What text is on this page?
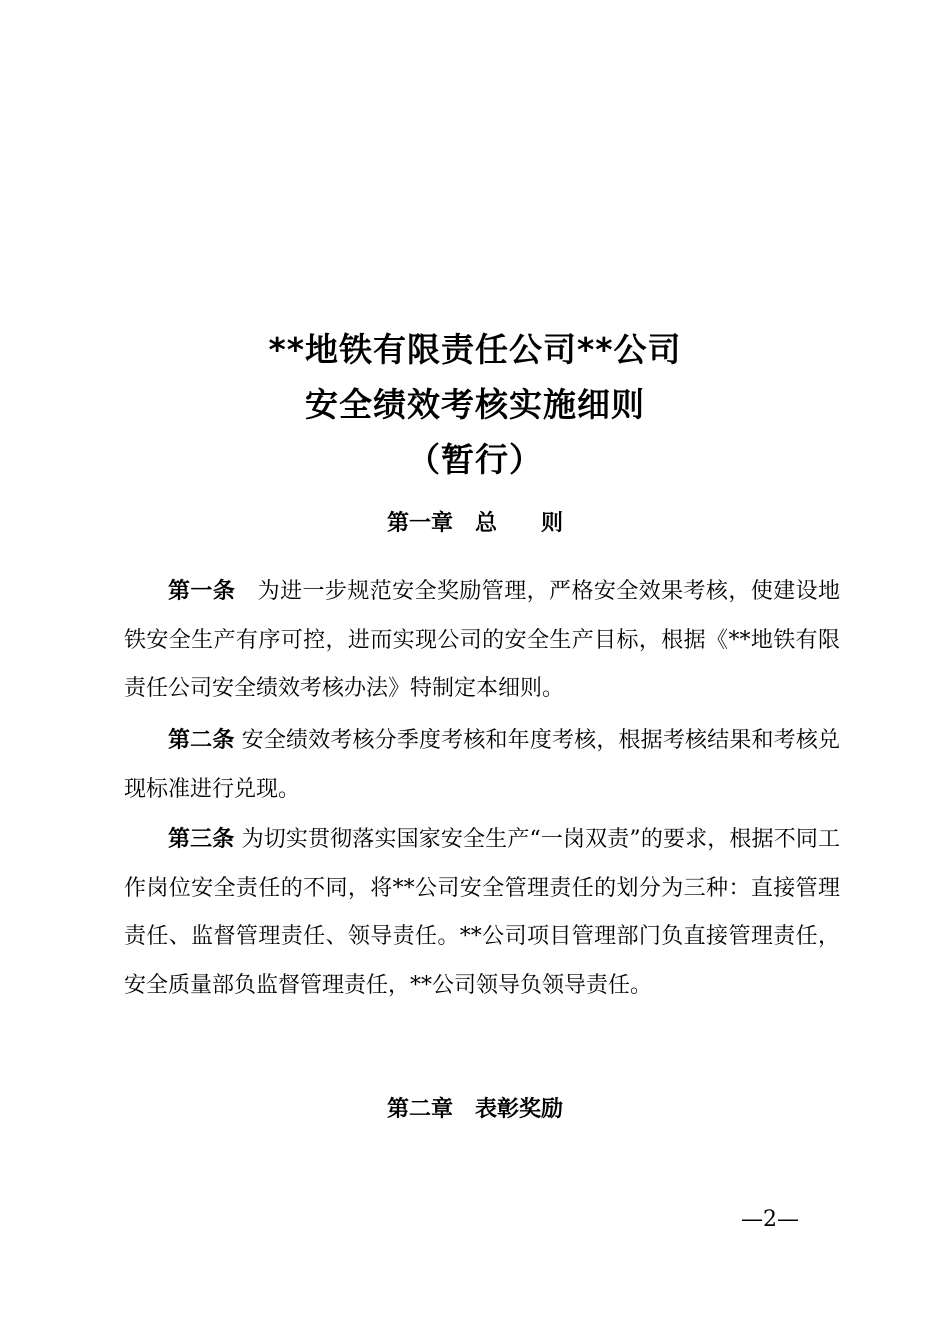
**地铁有限责任公司**公司
安全绩效考核实施细则
（暂行）
第一章　总　　则

第一条　 为进一步规范安全奖励管理，严格安全效果考核，使建设地铁安全生产有序可控，进而实现公司的安全生产目标，根据《**地铁有限责任公司安全绩效考核办法》特制定本细则。

第二条 安全绩效考核分季度考核和年度考核，根据考核结果和考核兑现标准进行兑现。

第三条 为切实贯彻落实国家安全生产“一岗双责”的要求，根据不同工作岗位安全责任的不同，将**公司安全管理责任的划分为三种：直接管理责任、监督管理责任、领导责任。**公司项目管理部门负直接管理责任，安全质量部负监督管理责任，**公司领导负领导责任。

第二章　表彰奖励
—2—
